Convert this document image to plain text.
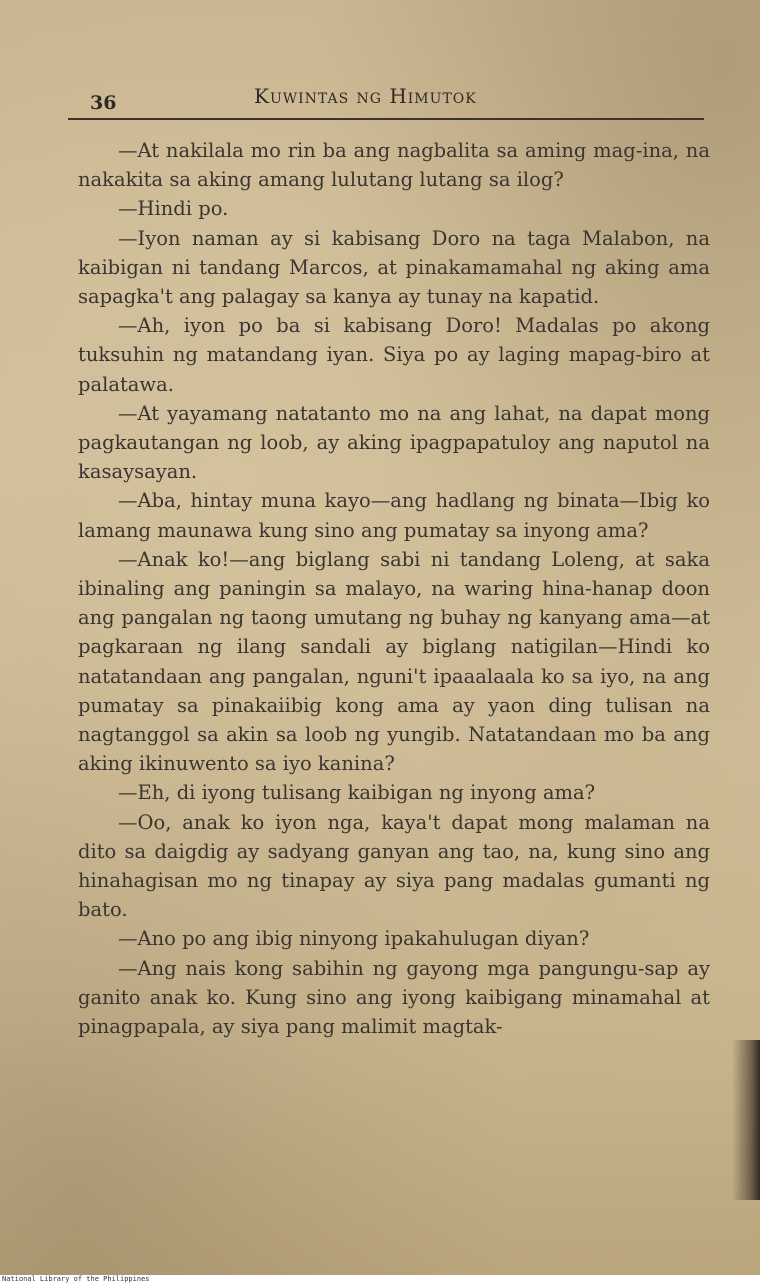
36	Kuwintas ng Himutok

—At nakilala mo rin ba ang nagbalita sa aming mag-ina, na nakakita sa aking amang lulutang lutang sa ilog?

—Hindi po.

—Iyon naman ay si kabisang Doro na taga Malabon, na kaibigan ni tandang Marcos, at pinakamamahal ng aking ama sapagka't ang palagay sa kanya ay tunay na kapatid.

—Ah, iyon po ba si kabisang Doro! Madalas po akong tuksuhin ng matandang iyan. Siya po ay laging mapag-biro at palatawa.

—At yayamang natatanto mo na ang lahat, na dapat mong pagkautangan ng loob, ay aking ipagpapatuloy ang naputol na kasaysayan.

—Aba, hintay muna kayo—ang hadlang ng binata—Ibig ko lamang maunawa kung sino ang pumatay sa inyong ama?

—Anak ko!—ang biglang sabi ni tandang Loleng, at saka ibinaling ang paningin sa malayo, na waring hina-hanap doon ang pangalan ng taong umutang ng buhay ng kanyang ama—at pagkaraan ng ilang sandali ay biglang natigilan—Hindi ko natatandaan ang pangalan, nguni't ipaaalaala ko sa iyo, na ang pumatay sa pinakaiibig kong ama ay yaon ding tulisan na nagtanggol sa akin sa loob ng yungib. Natatandaan mo ba ang aking ikinuwento sa iyo kanina?

—Eh, di iyong tulisang kaibigan ng inyong ama?

—Oo, anak ko iyon nga, kaya't dapat mong malaman na dito sa daigdig ay sadyang ganyan ang tao, na, kung sino ang hinahagisan mo ng tinapay ay siya pang madalas gumanti ng bato.

—Ano po ang ibig ninyong ipakahulugan diyan?

—Ang nais kong sabihin ng gayong mga pangungu-sap ay ganito anak ko. Kung sino ang iyong kaibigang minamahal at pinagpapala, ay siya pang malimit magtak-

National Library of the Philippines
